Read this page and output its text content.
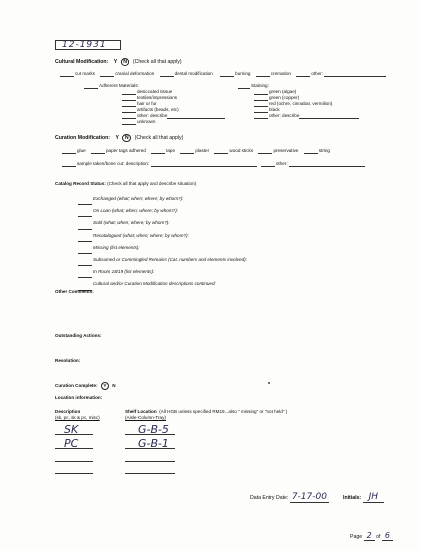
12-1931
Cultural Modification: Y N (Check all that apply)
cut marks	cranial deformation	dental modification	burning	cremation	other:
Adherent Materials:
desiccated tissue
textiles/impressions
hair or fur
artifacts (beads, etc)
other: describe
unknown
Staining:
green (algae)
green (copper)
red (ochre, cinnabar, vermilion)
black
other: describe
Curation Modification: Y N (Check all that apply)
glue	paper tags adhered	tape	plaster	wood sticks	preservative	string
sample taken/bone cut: description:	other:
Catalog Record Status: (Check all that apply and describe situation)
Exchanged (what; when; where; by whom?):
On Loan (what; when; where; by whom?):
Sold (what; when; where; by whom?):
Recatalogued (what; when; where; by whom?):
Missing (list elements):
Subsumed or Commingled Remains (Cat. numbers and elements involved):
In Room 18/19 (list elements):
Cultural and/or Curation Modification descriptions continued:
Other Comments:
Outstanding Actions:
Resolution:
Curation Complete: Y N
Location information:
Description
(sk, pc, sk & pc, misc)
Shelf Location (All HGB unless specified RM19...also " missing" or "not held" )
(Aisle-Column-Tray)
SK	G-B-5
PC	G-B-1
Data Entry Date: 7-17-00	Initials: JH
Page 2 of 6
